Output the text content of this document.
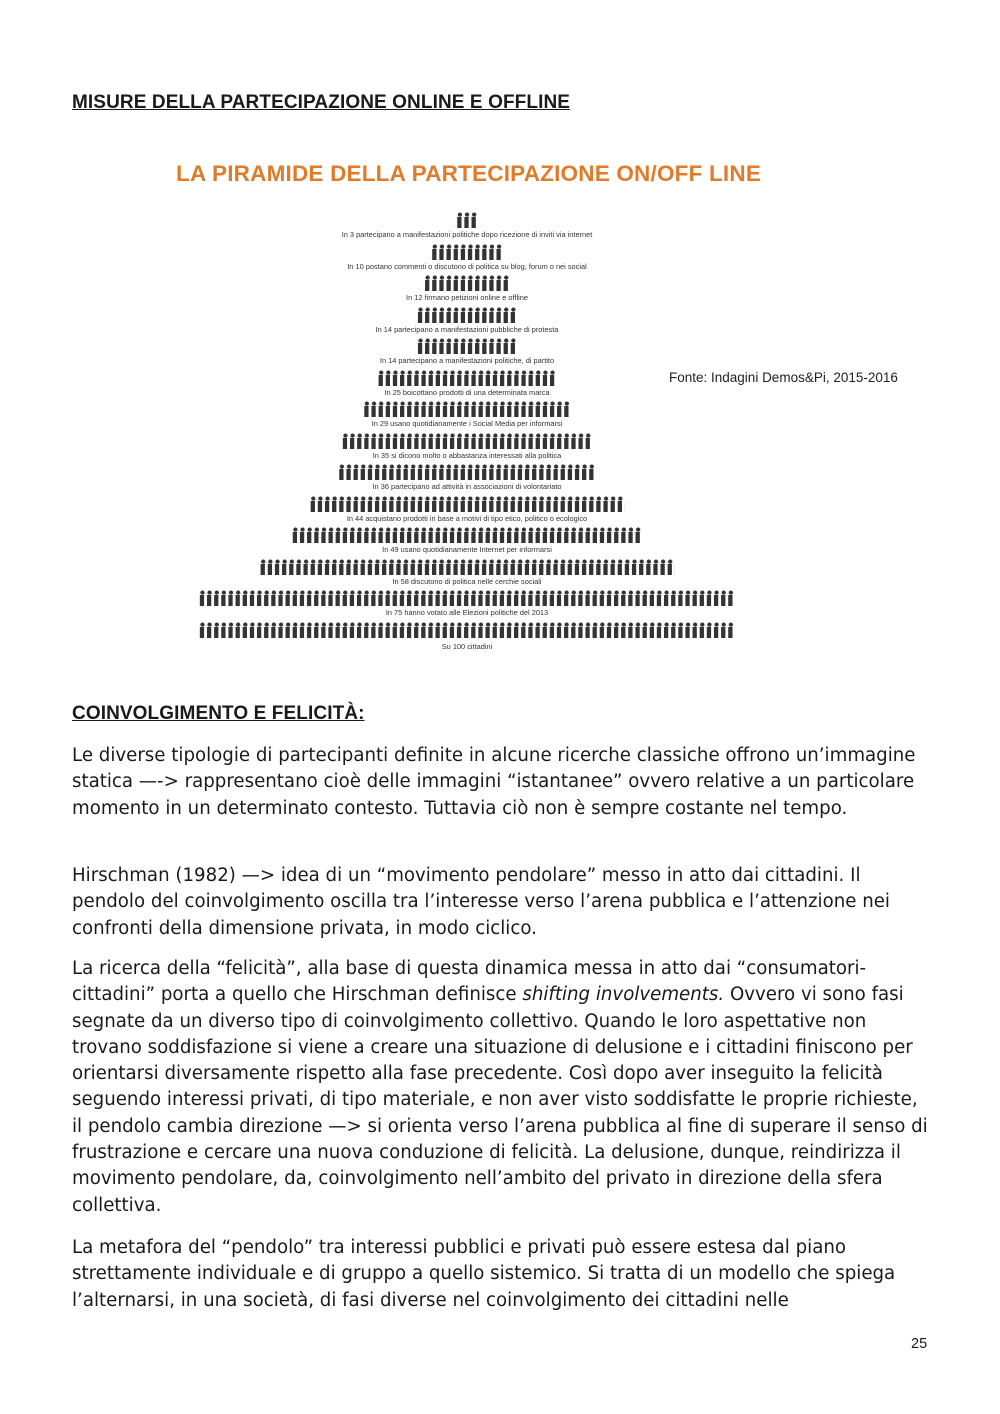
MISURE DELLA PARTECIPAZIONE ONLINE E OFFLINE
LA PIRAMIDE DELLA PARTECIPAZIONE ON/OFF LINE
Fonte: Indagini Demos&Pi, 2015-2016
In 3 partecipano a manifestazioni politiche dopo ricezione di inviti via internet
In 10 postano commenti o discutono di politica su blog, forum o nei social
In 12 firmano petizioni online e offline
In 14 partecipano a manifestazioni pubbliche di protesta
In 14 partecipano a manifestazioni politiche, di partito
In 25 boicottano prodotti di una determinata marca
In 29 usano quotidianamente i Social Media per informarsi
In 35 si dicono molto o abbastanza interessati alla politica
In 36 partecipano ad attività in associazioni di volontariato
In 44 acquistano prodotti in base a motivi di tipo etico, politico o ecologico
In 49 usano quotidianamente Internet per informarsi
In 58 discutono di politica nelle cerchie sociali
In 75 hanno votato alle Elezioni politiche del 2013
Su 100 cittadini
COINVOLGIMENTO E FELICITÀ:

Le diverse tipologie di partecipanti definite in alcune ricerche classiche offrono un’immagine statica —-> rappresentano cioè delle immagini “istantanee” ovvero relative a un particolare momento in un determinato contesto. Tuttavia ciò non è sempre costante nel tempo.

Hirschman (1982) —> idea di un “movimento pendolare” messo in atto dai cittadini. Il pendolo del coinvolgimento oscilla tra l’interesse verso l’arena pubblica e l’attenzione nei confronti della dimensione privata, in modo ciclico.

La ricerca della “felicità”, alla base di questa dinamica messa in atto dai “consumatori-cittadini” porta a quello che Hirschman definisce shifting involvements. Ovvero vi sono fasi segnate da un diverso tipo di coinvolgimento collettivo. Quando le loro aspettative non trovano soddisfazione si viene a creare una situazione di delusione e i cittadini finiscono per orientarsi diversamente rispetto alla fase precedente. Così dopo aver inseguito la felicità seguendo interessi privati, di tipo materiale, e non aver visto soddisfatte le proprie richieste, il pendolo cambia direzione —> si orienta verso l’arena pubblica al fine di superare il senso di frustrazione e cercare una nuova conduzione di felicità. La delusione, dunque, reindirizza il movimento pendolare, da, coinvolgimento nell’ambito del privato in direzione della sfera collettiva.

La metafora del “pendolo” tra interessi pubblici e privati può essere estesa dal piano strettamente individuale e di gruppo a quello sistemico. Si tratta di un modello che spiega l’alternarsi, in una società, di fasi diverse nel coinvolgimento dei cittadini nelle

25
